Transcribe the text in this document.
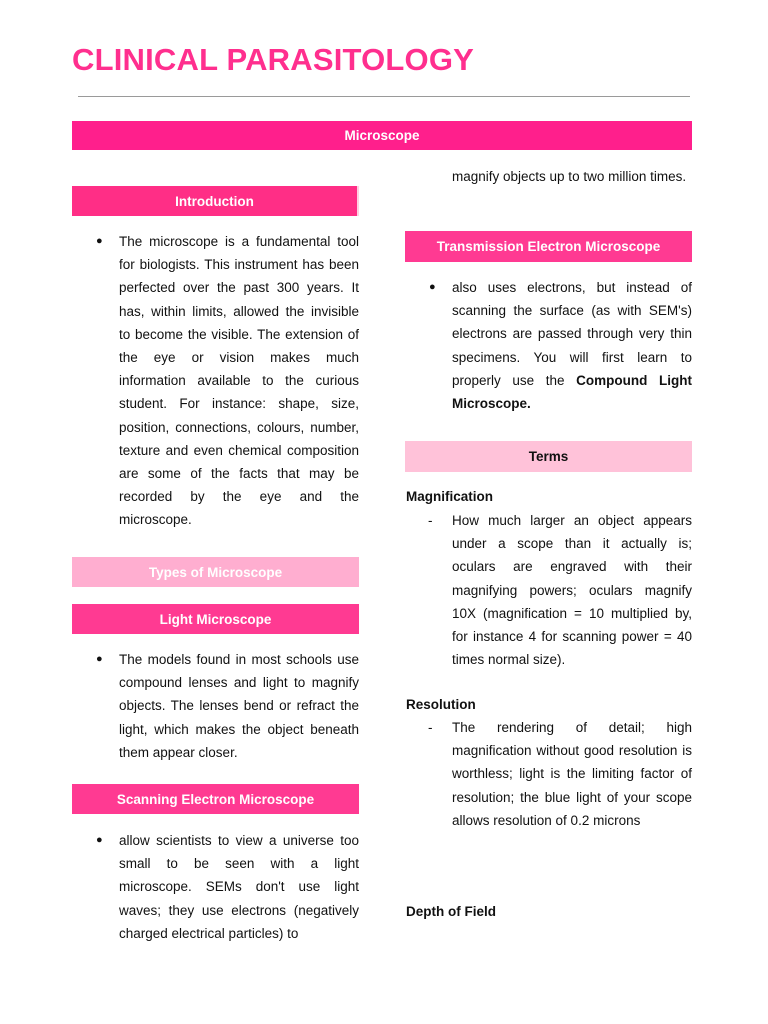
CLINICAL PARASITOLOGY
Microscope
Introduction
● The microscope is a fundamental tool for biologists. This instrument has been perfected over the past 300 years. It has, within limits, allowed the invisible to become the visible. The extension of the eye or vision makes much information available to the curious student. For instance: shape, size, position, connections, colours, number, texture and even chemical composition are some of the facts that may be recorded by the eye and the microscope.
Types of Microscope
Light Microscope
● The models found in most schools use compound lenses and light to magnify objects. The lenses bend or refract the light, which makes the object beneath them appear closer.
Scanning Electron Microscope
● allow scientists to view a universe too small to be seen with a light microscope. SEMs don't use light waves; they use electrons (negatively charged electrical particles) to
magnify objects up to two million times.
Transmission Electron Microscope
● also uses electrons, but instead of scanning the surface (as with SEM's) electrons are passed through very thin specimens. You will first learn to properly use the Compound Light Microscope.
Terms
Magnification
- How much larger an object appears under a scope than it actually is; oculars are engraved with their magnifying powers; oculars magnify 10X (magnification = 10 multiplied by, for instance 4 for scanning power = 40 times normal size).
Resolution
- The rendering of detail; high magnification without good resolution is worthless; light is the limiting factor of resolution; the blue light of your scope allows resolution of 0.2 microns
Depth of Field
